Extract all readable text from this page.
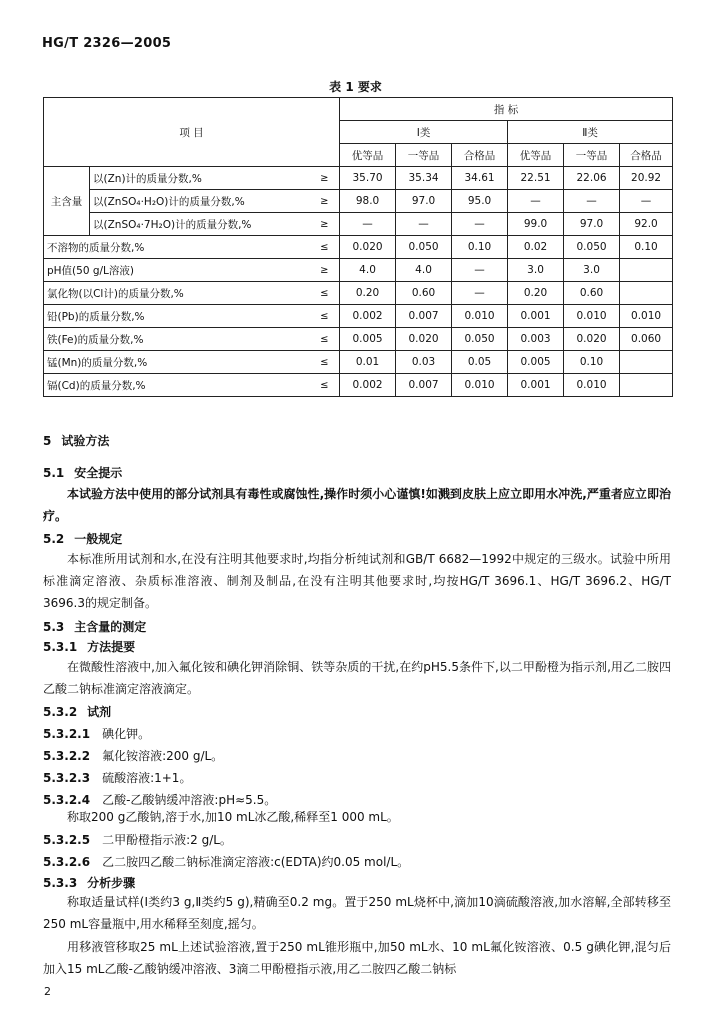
HG/T 2326—2005
表 1 要求
项 目			指 标					
			Ⅰ类			Ⅱ类		
			优等品	一等品	合格品	优等品	一等品	合格品
主含量	以(Zn)计的质量分数,%	≥	35.70	35.34	34.61	22.51	22.06	20.92
	以(ZnSO₄·H₂O)计的质量分数,%	≥	98.0	97.0	95.0	—	—	—
	以(ZnSO₄·7H₂O)计的质量分数,%	≥	—	—	—	99.0	97.0	92.0
不溶物的质量分数,%		≤	0.020	0.050	0.10	0.02	0.050	0.10
pH值(50 g/L溶液)		≥	4.0	4.0	—	3.0	3.0	
氯化物(以Cl计)的质量分数,%		≤	0.20	0.60	—	0.20	0.60	
铅(Pb)的质量分数,%		≤	0.002	0.007	0.010	0.001	0.010	0.010
铁(Fe)的质量分数,%		≤	0.005	0.020	0.050	0.003	0.020	0.060
锰(Mn)的质量分数,%		≤	0.01	0.03	0.05	0.005	0.10	
镉(Cd)的质量分数,%		≤	0.002	0.007	0.010	0.001	0.010	
5 试验方法
5.1 安全提示
本试验方法中使用的部分试剂具有毒性或腐蚀性,操作时须小心谨慎!如溅到皮肤上应立即用水冲洗,严重者应立即治疗。
5.2 一般规定
本标准所用试剂和水,在没有注明其他要求时,均指分析纯试剂和GB/T 6682—1992中规定的三级水。试验中所用标准滴定溶液、杂质标准溶液、制剂及制品,在没有注明其他要求时,均按HG/T 3696.1、HG/T 3696.2、HG/T 3696.3的规定制备。
5.3 主含量的测定
5.3.1 方法提要
在微酸性溶液中,加入氟化铵和碘化钾消除铜、铁等杂质的干扰,在约pH5.5条件下,以二甲酚橙为指示剂,用乙二胺四乙酸二钠标准滴定溶液滴定。
5.3.2 试剂
5.3.2.1 碘化钾。
5.3.2.2 氟化铵溶液:200 g/L。
5.3.2.3 硫酸溶液:1+1。
5.3.2.4 乙酸-乙酸钠缓冲溶液:pH≈5.5。
称取200 g乙酸钠,溶于水,加10 mL冰乙酸,稀释至1 000 mL。
5.3.2.5 二甲酚橙指示液:2 g/L。
5.3.2.6 乙二胺四乙酸二钠标准滴定溶液:c(EDTA)约0.05 mol/L。
5.3.3 分析步骤
称取适量试样(Ⅰ类约3 g,Ⅱ类约5 g),精确至0.2 mg。置于250 mL烧杯中,滴加10滴硫酸溶液,加水溶解,全部转移至250 mL容量瓶中,用水稀释至刻度,摇匀。
用移液管移取25 mL上述试验溶液,置于250 mL锥形瓶中,加50 mL水、10 mL氟化铵溶液、0.5 g碘化钾,混匀后加入15 mL乙酸-乙酸钠缓冲溶液、3滴二甲酚橙指示液,用乙二胺四乙酸二钠标
2
